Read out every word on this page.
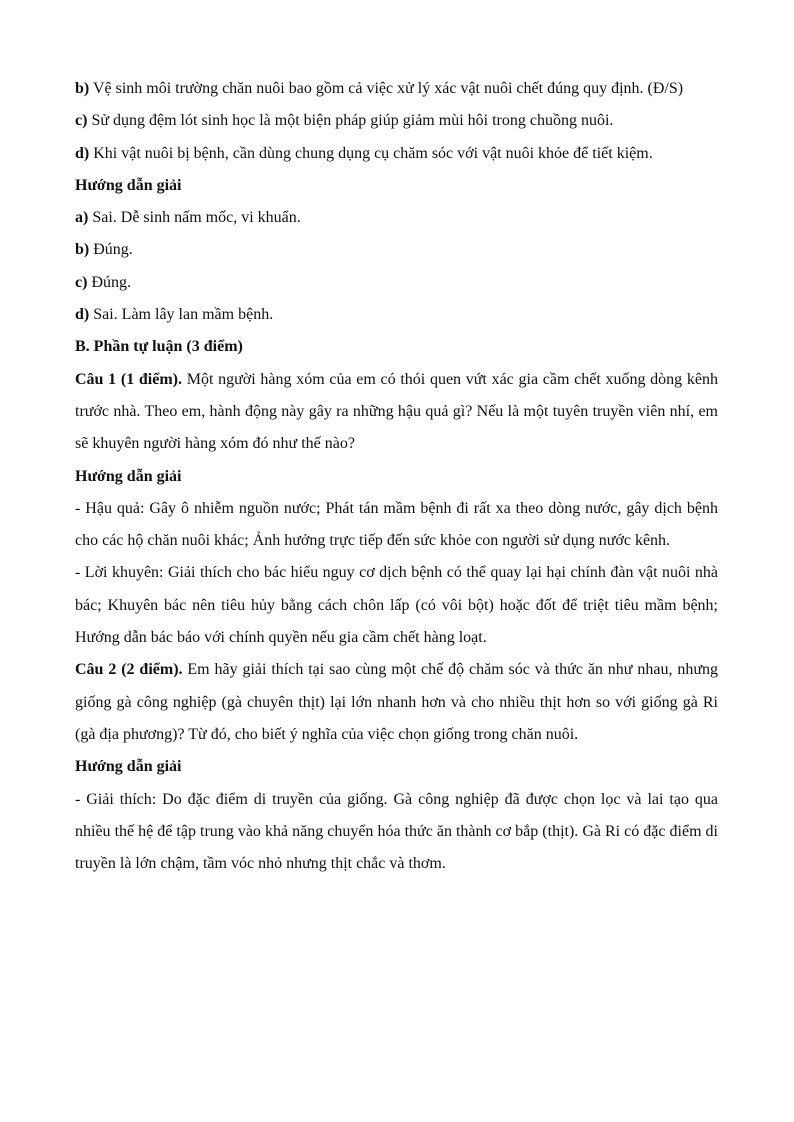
b) Vệ sinh môi trường chăn nuôi bao gồm cả việc xử lý xác vật nuôi chết đúng quy định. (Đ/S)

c) Sử dụng đệm lót sinh học là một biện pháp giúp giảm mùi hôi trong chuồng nuôi.

d) Khi vật nuôi bị bệnh, cần dùng chung dụng cụ chăm sóc với vật nuôi khỏe để tiết kiệm.

Hướng dẫn giải

a) Sai. Dễ sinh nấm mốc, vi khuẩn.

b) Đúng.

c) Đúng.

d) Sai. Làm lây lan mầm bệnh.

B. Phần tự luận (3 điểm)

Câu 1 (1 điểm). Một người hàng xóm của em có thói quen vứt xác gia cầm chết xuống dòng kênh trước nhà. Theo em, hành động này gây ra những hậu quả gì? Nếu là một tuyên truyền viên nhí, em sẽ khuyên người hàng xóm đó như thế nào?

Hướng dẫn giải

- Hậu quả: Gây ô nhiễm nguồn nước; Phát tán mầm bệnh đi rất xa theo dòng nước, gây dịch bệnh cho các hộ chăn nuôi khác; Ảnh hưởng trực tiếp đến sức khỏe con người sử dụng nước kênh.

- Lời khuyên: Giải thích cho bác hiểu nguy cơ dịch bệnh có thể quay lại hại chính đàn vật nuôi nhà bác; Khuyên bác nên tiêu hủy bằng cách chôn lấp (có vôi bột) hoặc đốt để triệt tiêu mầm bệnh; Hướng dẫn bác báo với chính quyền nếu gia cầm chết hàng loạt.

Câu 2 (2 điểm). Em hãy giải thích tại sao cùng một chế độ chăm sóc và thức ăn như nhau, nhưng giống gà công nghiệp (gà chuyên thịt) lại lớn nhanh hơn và cho nhiều thịt hơn so với giống gà Ri (gà địa phương)? Từ đó, cho biết ý nghĩa của việc chọn giống trong chăn nuôi.

Hướng dẫn giải

- Giải thích: Do đặc điểm di truyền của giống. Gà công nghiệp đã được chọn lọc và lai tạo qua nhiều thế hệ để tập trung vào khả năng chuyển hóa thức ăn thành cơ bắp (thịt). Gà Ri có đặc điểm di truyền là lớn chậm, tầm vóc nhỏ nhưng thịt chắc và thơm.
